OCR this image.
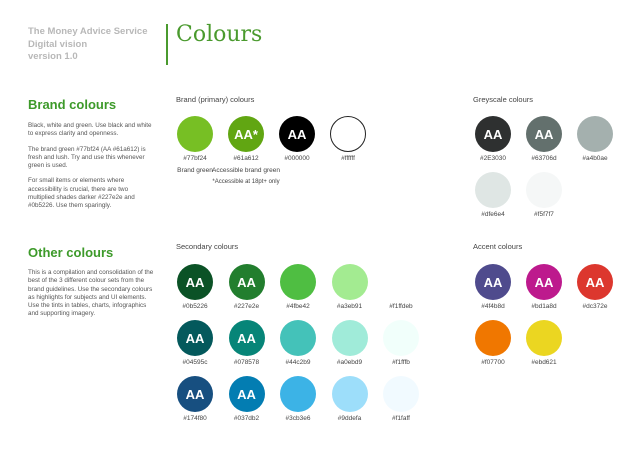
The Money Advice Service
Digital vision
version 1.0
Colours
Brand colours

Black, white and green. Use black and white to express clarity and openness.

The brand green #77bf24 (AA #61a612) is fresh and lush. Try and use this whenever green is used.

For small items or elements where accessibility is crucial, there are two multiplied shades darker #227e2e and #0b5226. Use them sparingly.

Other colours

This is a compilation and consolidation of the best of the 3 different colour sets from the brand guidelines. Use the secondary colours as highlights for subjects and UI elements. Use the tints in tables, charts, infographics and supporting imagery.

Brand (primary) colours	Greyscale colours
Secondary colours	Accent colours
#77bf24
Brand green
AA*
#61a612
Accessible brand green
*Accessible at 18pt+ only
AA
#000000	#ffffff
AA
#2E3030
AA
#63706d	#a4b0ae
#dfe6e4	#f5f7f7
AA
#0b5226
AA
#227e2e	#4fbe42	#a3eb91	#f1ffdeb
AA
#04595c
AA
#078578	#44c2b9	#a0ebd9	#f1fffb
AA
#174f80
AA
#037db2	#3cb3e6	#9ddefa	#f1faff
AA
#4f4b8d
AA
#bd1a8d
AA
#dc372e
#f07700	#ebd621
